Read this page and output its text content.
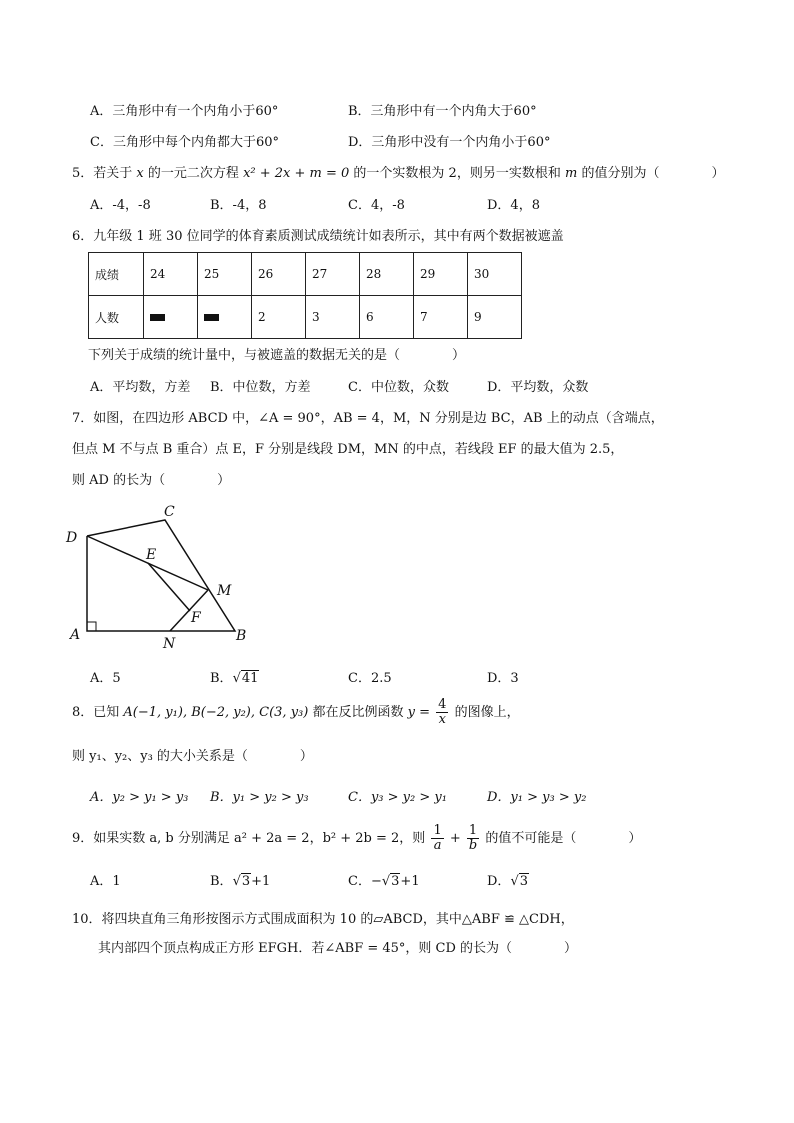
A．三角形中有一个内角小于60°	B．三角形中有一个内角大于60°
C．三角形中每个内角都大于60°	D．三角形中没有一个内角小于60°
5．若关于 x 的一元二次方程 x² + 2x + m = 0 的一个实数根为 2，则另一实数根和 m 的值分别为（　　　　）
A．-4，-8	B．-4，8	C．4，-8	D．4，8
6．九年级 1 班 30 位同学的体育素质测试成绩统计如表所示，其中有两个数据被遮盖
成绩	24	25	26	27	28	29	30
人数			2	3	6	7	9
下列关于成绩的统计量中，与被遮盖的数据无关的是（　　　　）
A．平均数，方差 B．中位数，方差	C．中位数，众数	D．平均数，众数
7．如图，在四边形 ABCD 中，∠A = 90°，AB = 4，M，N 分别是边 BC，AB 上的动点（含端点，
但点 M 不与点 B 重合）点 E，F 分别是线段 DM，MN 的中点，若线段 EF 的最大值为 2.5，
则 AD 的长为（　　　　）
D
C
E
M
F
A
N	B
A．5	B．√41	C．2.5	D．3
8．已知 A(−1, y₁), B(−2, y₂), C(3, y₃) 都在反比例函数 $y = \frac{4}{x}$ 的图像上，
则 y₁、y₂、y₃ 的大小关系是（　　　　）
A．y₂ > y₁ > y₃ B．y₁ > y₂ > y₃	C．y₃ > y₂ > y₁	D．y₁ > y₃ > y₂
9．如果实数 a, b 分别满足 a² + 2a = 2，b² + 2b = 2，则 $\frac{1}{a} + \frac{1}{b}$ 的值不可能是（　　　　）
A．1	B．√3+1	C．−√3+1	D．√3
10．将四块直角三角形按图示方式围成面积为 10 的▱ABCD，其中△ABF ≌ △CDH，
其内部四个顶点构成正方形 EFGH．若∠ABF = 45°，则 CD 的长为（　　　　）
